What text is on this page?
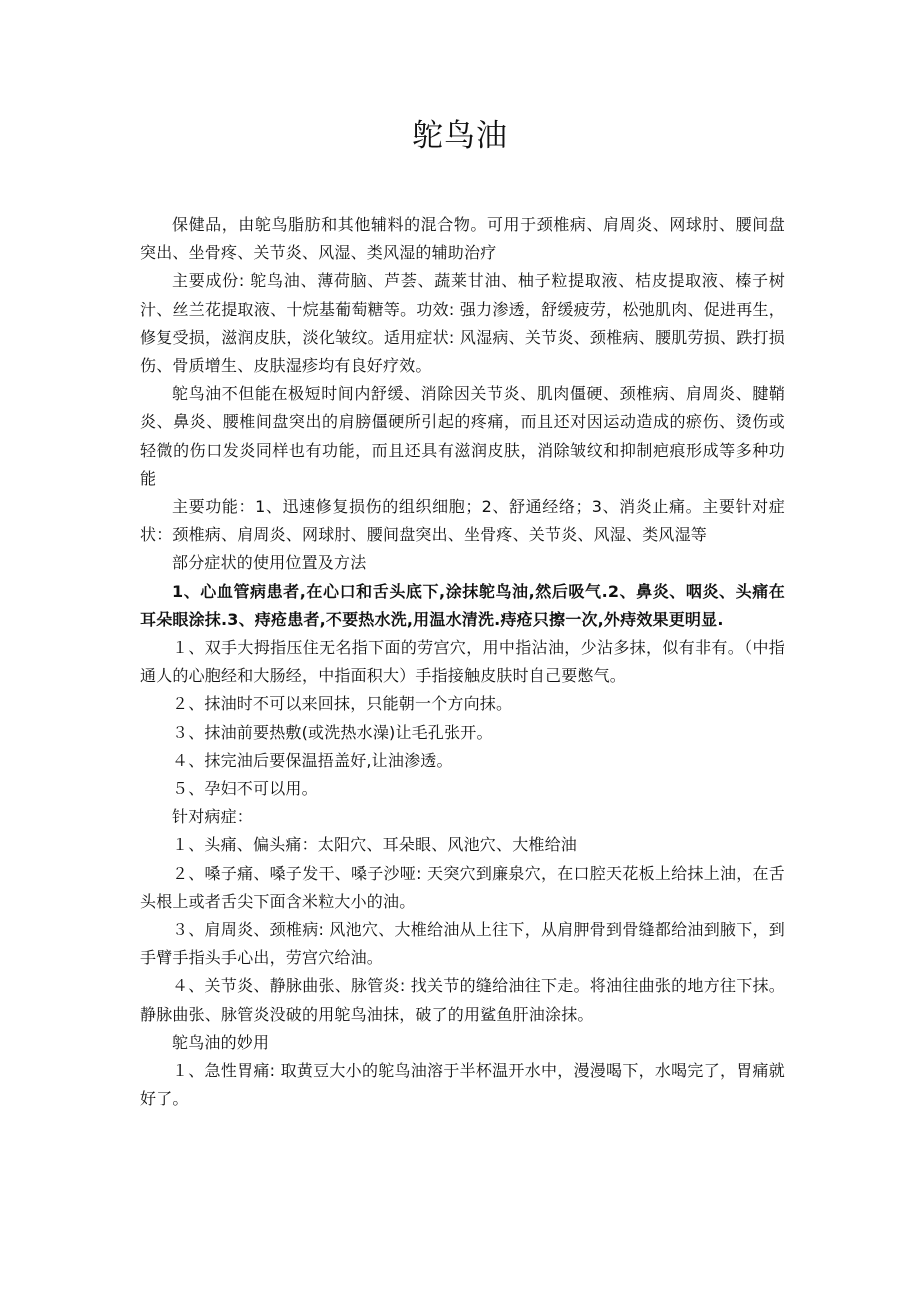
鸵鸟油

保健品，由鸵鸟脂肪和其他辅料的混合物。可用于颈椎病、肩周炎、网球肘、腰间盘突出、坐骨疼、关节炎、风湿、类风湿的辅助治疗

主要成份: 鸵鸟油、薄荷脑、芦荟、蔬莱甘油、柚子粒提取液、桔皮提取液、榛子树汁、丝兰花提取液、十烷基葡萄糖等。功效: 强力渗透，舒缓疲劳，松弛肌肉、促进再生，修复受损，滋润皮肤，淡化皱纹。适用症状: 风湿病、关节炎、颈椎病、腰肌劳损、跌打损伤、骨质增生、皮肤湿疹均有良好疗效。

鸵鸟油不但能在极短时间内舒缓、消除因关节炎、肌肉僵硬、颈椎病、肩周炎、腱鞘炎、鼻炎、腰椎间盘突出的肩膀僵硬所引起的疼痛，而且还对因运动造成的瘀伤、烫伤或轻微的伤口发炎同样也有功能，而且还具有滋润皮肤，消除皱纹和抑制疤痕形成等多种功能

主要功能：1、迅速修复损伤的组织细胞；2、舒通经络；3、消炎止痛。主要针对症状：颈椎病、肩周炎、网球肘、腰间盘突出、坐骨疼、关节炎、风湿、类风湿等

部分症状的使用位置及方法

1、心血管病患者,在心口和舌头底下,涂抹鸵鸟油,然后吸气.2、鼻炎、咽炎、头痛在耳朵眼涂抹.3、痔疮患者,不要热水洗,用温水清洗.痔疮只擦一次,外痔效果更明显.

１、双手大拇指压住无名指下面的劳宫穴，用中指沾油，少沾多抹，似有非有。（中指通人的心胞经和大肠经，中指面积大）手指接触皮肤时自己要憋气。

２、抹油时不可以来回抹，只能朝一个方向抹。

３、抹油前要热敷(或洗热水澡)让毛孔张开。

４、抹完油后要保温捂盖好,让油渗透。

５、孕妇不可以用。

针对病症：

１、头痛、偏头痛：太阳穴、耳朵眼、风池穴、大椎给油

２、嗓子痛、嗓子发干、嗓子沙哑: 天突穴到廉泉穴，在口腔天花板上给抹上油，在舌头根上或者舌尖下面含米粒大小的油。

３、肩周炎、颈椎病: 风池穴、大椎给油从上往下，从肩胛骨到骨缝都给油到腋下，到手臂手指头手心出，劳宫穴给油。

４、关节炎、静脉曲张、脉管炎: 找关节的缝给油往下走。将油往曲张的地方往下抹。静脉曲张、脉管炎没破的用鸵鸟油抹，破了的用鲨鱼肝油涂抹。

鸵鸟油的妙用

１、急性胃痛: 取黄豆大小的鸵鸟油溶于半杯温开水中，漫漫喝下，水喝完了，胃痛就好了。
